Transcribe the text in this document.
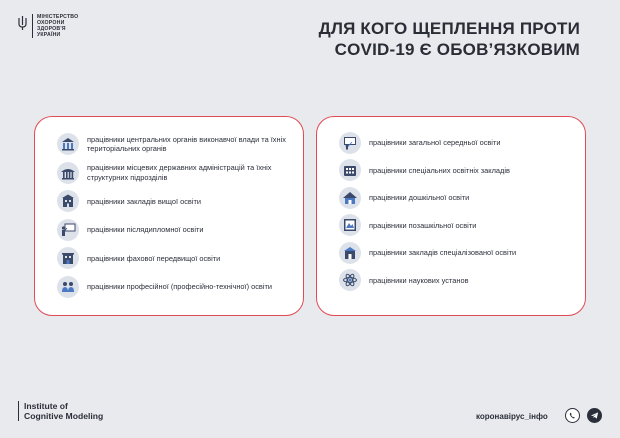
МІНІСТЕРСТВО
ОХОРОНИ
ЗДОРОВ'Я
УКРАЇНИ	ДЛЯ КОГО ЩЕПЛЕННЯ ПРОТИ
COVID-19 Є ОБОВʼЯЗКОВИМ
працівники центральних органів виконавчої влади та їхніх територіальних органів
працівники місцевих державних адміністрацій та їхніх структурних підрозділів
працівники закладів вищої освіти
працівники післядипломної освіти
працівники фахової передвищої освіти
працівники професійної (професійно-технічної) освіти
працівники загальної середньої освіти
працівники спеціальних освітніх закладів
працівники дошкільної освіти
працівники позашкільної освіти
працівники закладів спеціалізованої освіти
працівники наукових установ
Institute of
Cognitive Modeling	коронавірус_інфо
